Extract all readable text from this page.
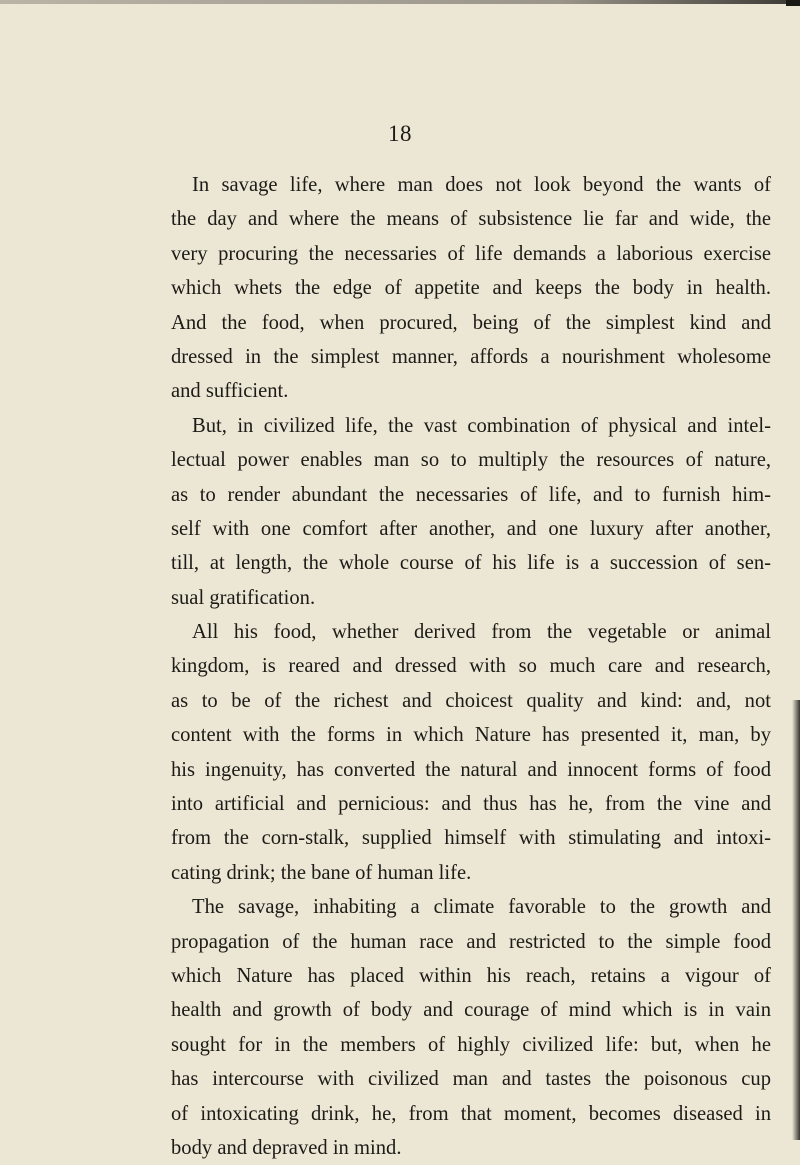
18

In savage life, where man does not look beyond the wants of
the day and where the means of subsistence lie far and wide, the
very procuring the necessaries of life demands a laborious exercise
which whets the edge of appetite and keeps the body in health.
And the food, when procured, being of the simplest kind and
dressed in the simplest manner, affords a nourishment wholesome
and sufficient.
But, in civilized life, the vast combination of physical and intel-
lectual power enables man so to multiply the resources of nature,
as to render abundant the necessaries of life, and to furnish him-
self with one comfort after another, and one luxury after another,
till, at length, the whole course of his life is a succession of sen-
sual gratification.
All his food, whether derived from the vegetable or animal
kingdom, is reared and dressed with so much care and research,
as to be of the richest and choicest quality and kind: and, not
content with the forms in which Nature has presented it, man, by
his ingenuity, has converted the natural and innocent forms of food
into artificial and pernicious: and thus has he, from the vine and
from the corn-stalk, supplied himself with stimulating and intoxi-
cating drink; the bane of human life.
The savage, inhabiting a climate favorable to the growth and
propagation of the human race and restricted to the simple food
which Nature has placed within his reach, retains a vigour of
health and growth of body and courage of mind which is in vain
sought for in the members of highly civilized life: but, when he
has intercourse with civilized man and tastes the poisonous cup
of intoxicating drink, he, from that moment, becomes diseased in
body and depraved in mind.
